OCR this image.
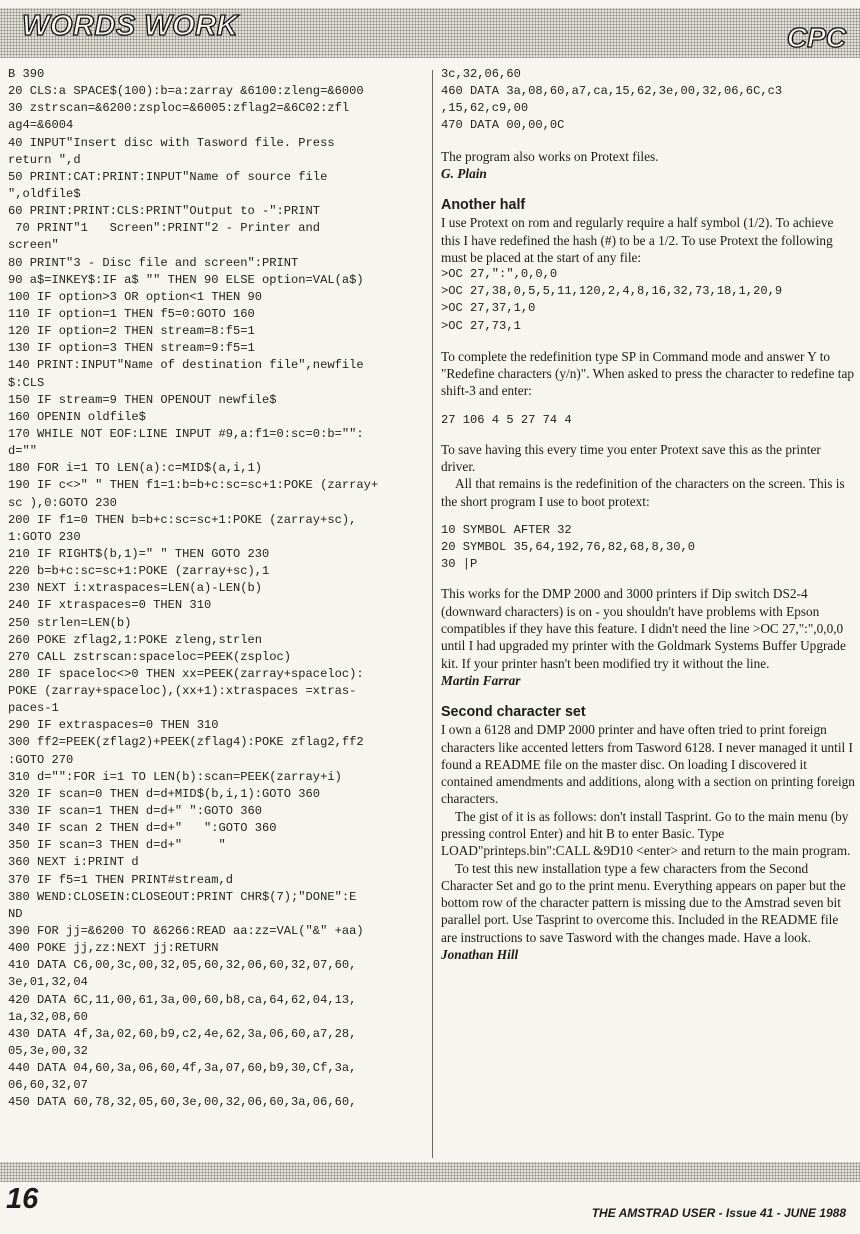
WORDS WORK	CPC
B 390
20 CLS:a SPACE$(100):b=a:zarray &6100:zleng=&6000
30 zstrscan=&6200:zsploc=&6005:zflag2=&6C02:zfl
ag4=&6004
40 INPUT"Insert disc with Tasword file. Press
return ",d
50 PRINT:CAT:PRINT:INPUT"Name of source file
",oldfile$
60 PRINT:PRINT:CLS:PRINT"Output to -":PRINT
70 PRINT"1   Screen":PRINT"2 - Printer and
screen"
80 PRINT"3 - Disc file and screen":PRINT
90 a$=INKEY$:IF a$ "" THEN 90 ELSE option=VAL(a$)
100 IF option>3 OR option<1 THEN 90
110 IF option=1 THEN f5=0:GOTO 160
120 IF option=2 THEN stream=8:f5=1
130 IF option=3 THEN stream=9:f5=1
140 PRINT:INPUT"Name of destination file",newfile
$:CLS
150 IF stream=9 THEN OPENOUT newfile$
160 OPENIN oldfile$
170 WHILE NOT EOF:LINE INPUT #9,a:f1=0:sc=0:b="":
d=""
180 FOR i=1 TO LEN(a):c=MID$(a,i,1)
190 IF c<>" " THEN f1=1:b=b+c:sc=sc+1:POKE (zarray+
sc ),0:GOTO 230
200 IF f1=0 THEN b=b+c:sc=sc+1:POKE (zarray+sc),
1:GOTO 230
210 IF RIGHT$(b,1)=" " THEN GOTO 230
220 b=b+c:sc=sc+1:POKE (zarray+sc),1
230 NEXT i:xtraspaces=LEN(a)-LEN(b)
240 IF xtraspaces=0 THEN 310
250 strlen=LEN(b)
260 POKE zflag2,1:POKE zleng,strlen
270 CALL zstrscan:spaceloc=PEEK(zsploc)
280 IF spaceloc<>0 THEN xx=PEEK(zarray+spaceloc):
POKE (zarray+spaceloc),(xx+1):xtraspaces =xtras-
paces-1
290 IF extraspaces=0 THEN 310
300 ff2=PEEK(zflag2)+PEEK(zflag4):POKE zflag2,ff2
:GOTO 270
310 d="":FOR i=1 TO LEN(b):scan=PEEK(zarray+i)
320 IF scan=0 THEN d=d+MID$(b,i,1):GOTO 360
330 IF scan=1 THEN d=d+" ":GOTO 360
340 IF scan 2 THEN d=d+"   ":GOTO 360
350 IF scan=3 THEN d=d+"     "
360 NEXT i:PRINT d
370 IF f5=1 THEN PRINT#stream,d
380 WEND:CLOSEIN:CLOSEOUT:PRINT CHR$(7);"DONE":E
ND
390 FOR jj=&6200 TO &6266:READ aa:zz=VAL("&" +aa)
400 POKE jj,zz:NEXT jj:RETURN
410 DATA C6,00,3c,00,32,05,60,32,06,60,32,07,60,
3e,01,32,04
420 DATA 6C,11,00,61,3a,00,60,b8,ca,64,62,04,13,
1a,32,08,60
430 DATA 4f,3a,02,60,b9,c2,4e,62,3a,06,60,a7,28,
05,3e,00,32
440 DATA 04,60,3a,06,60,4f,3a,07,60,b9,30,Cf,3a,
06,60,32,07
450 DATA 60,78,32,05,60,3e,00,32,06,60,3a,06,60,
3c,32,06,60
460 DATA 3a,08,60,a7,ca,15,62,3e,00,32,06,6C,c3
,15,62,c9,00
470 DATA 00,00,0C

The program also works on Protext files.

G. Plain

Another half

I use Protext on rom and regularly require a half symbol (1/2). To achieve this I have redefined the hash (#) to be a 1/2. To use Protext the following must be placed at the start of any file:

>OC 27,":",0,0,0
>OC 27,38,0,5,5,11,120,2,4,8,16,32,73,18,1,20,9
>OC 27,37,1,0
>OC 27,73,1

To complete the redefinition type SP in Command mode and answer Y to "Redefine characters (y/n)". When asked to press the character to redefine tap shift-3 and enter:

27 106 4 5 27 74 4

To save having this every time you enter Protext save this as the printer driver.

All that remains is the redefinition of the characters on the screen. This is the short program I use to boot protext:

10 SYMBOL AFTER 32
20 SYMBOL 35,64,192,76,82,68,8,30,0
30 |P

This works for the DMP 2000 and 3000 printers if Dip switch DS2-4 (downward characters) is on - you shouldn't have problems with Epson compatibles if they have this feature. I didn't need the line >OC 27,":",0,0,0 until I had upgraded my printer with the Goldmark Systems Buffer Upgrade kit. If your printer hasn't been modified try it without the line.

Martin Farrar

Second character set

I own a 6128 and DMP 2000 printer and have often tried to print foreign characters like accented letters from Tasword 6128. I never managed it until I found a README file on the master disc. On loading I discovered it contained amendments and additions, along with a section on printing foreign characters.

The gist of it is as follows: don't install Tasprint. Go to the main menu (by pressing control Enter) and hit B to enter Basic. Type LOAD"printeps.bin":CALL &9D10 <enter> and return to the main program.

To test this new installation type a few characters from the Second Character Set and go to the print menu. Everything appears on paper but the bottom row of the character pattern is missing due to the Amstrad seven bit parallel port. Use Tasprint to overcome this. Included in the README file are instructions to save Tasword with the changes made. Have a look.

Jonathan Hill

16	THE AMSTRAD USER - Issue 41 - JUNE 1988
